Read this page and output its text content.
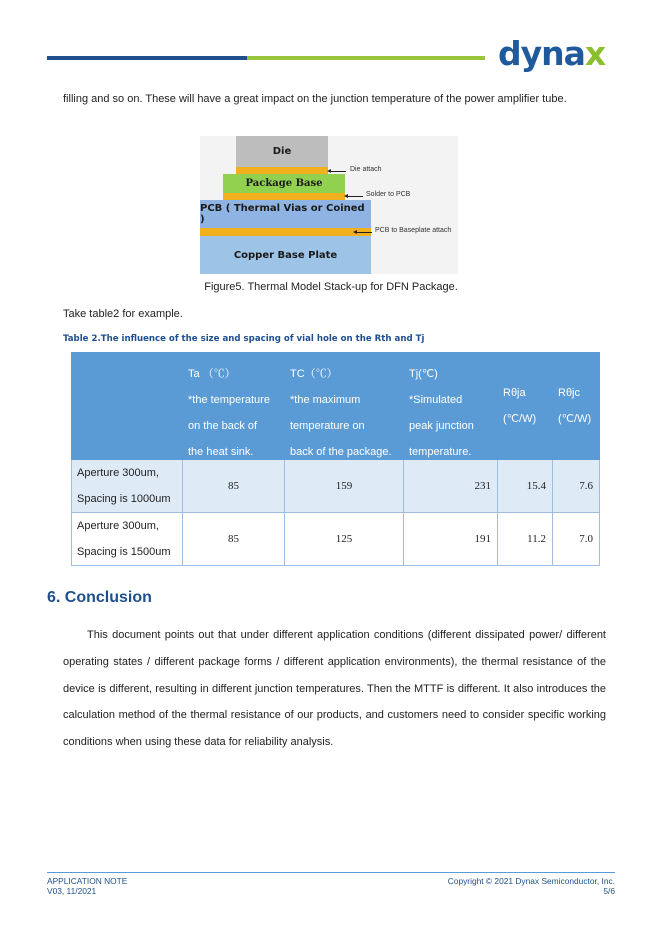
dynax
filling and so on. These will have a great impact on the junction temperature of the power amplifier tube.
Die
Package Base
PCB ( Thermal Vias or Coined )
Copper Base Plate
Die attach
Solder to PCB
PCB to Baseplate attach
Figure5. Thermal Model Stack-up for DFN Package.
Take table2 for example.
Table 2.The influence of the size and spacing of vial hole on the Rth and Tj

	Ta （℃）
*the temperature
on the back of
the heat sink.	TC（℃）
*the maximum
temperature on
back of the package.	Tj(℃)
*Simulated
peak junction
temperature.	Rθja (℃/W)	Rθjc (℃/W)

Aperture 300um,
Spacing is 1000um	85	159	231	15.4	7.6

Aperture 300um,
Spacing is 1500um	85	125	191	11.2	7.0
6. Conclusion
This document points out that under different application conditions (different dissipated power/ different operating states / different package forms / different application environments), the thermal resistance of the device is different, resulting in different junction temperatures. Then the MTTF is different. It also introduces the calculation method of the thermal resistance of our products, and customers need to consider specific working conditions when using these data for reliability analysis.
APPLICATION NOTE
V03, 11/2021
Copyright © 2021 Dynax Semiconductor, Inc.
5/6
